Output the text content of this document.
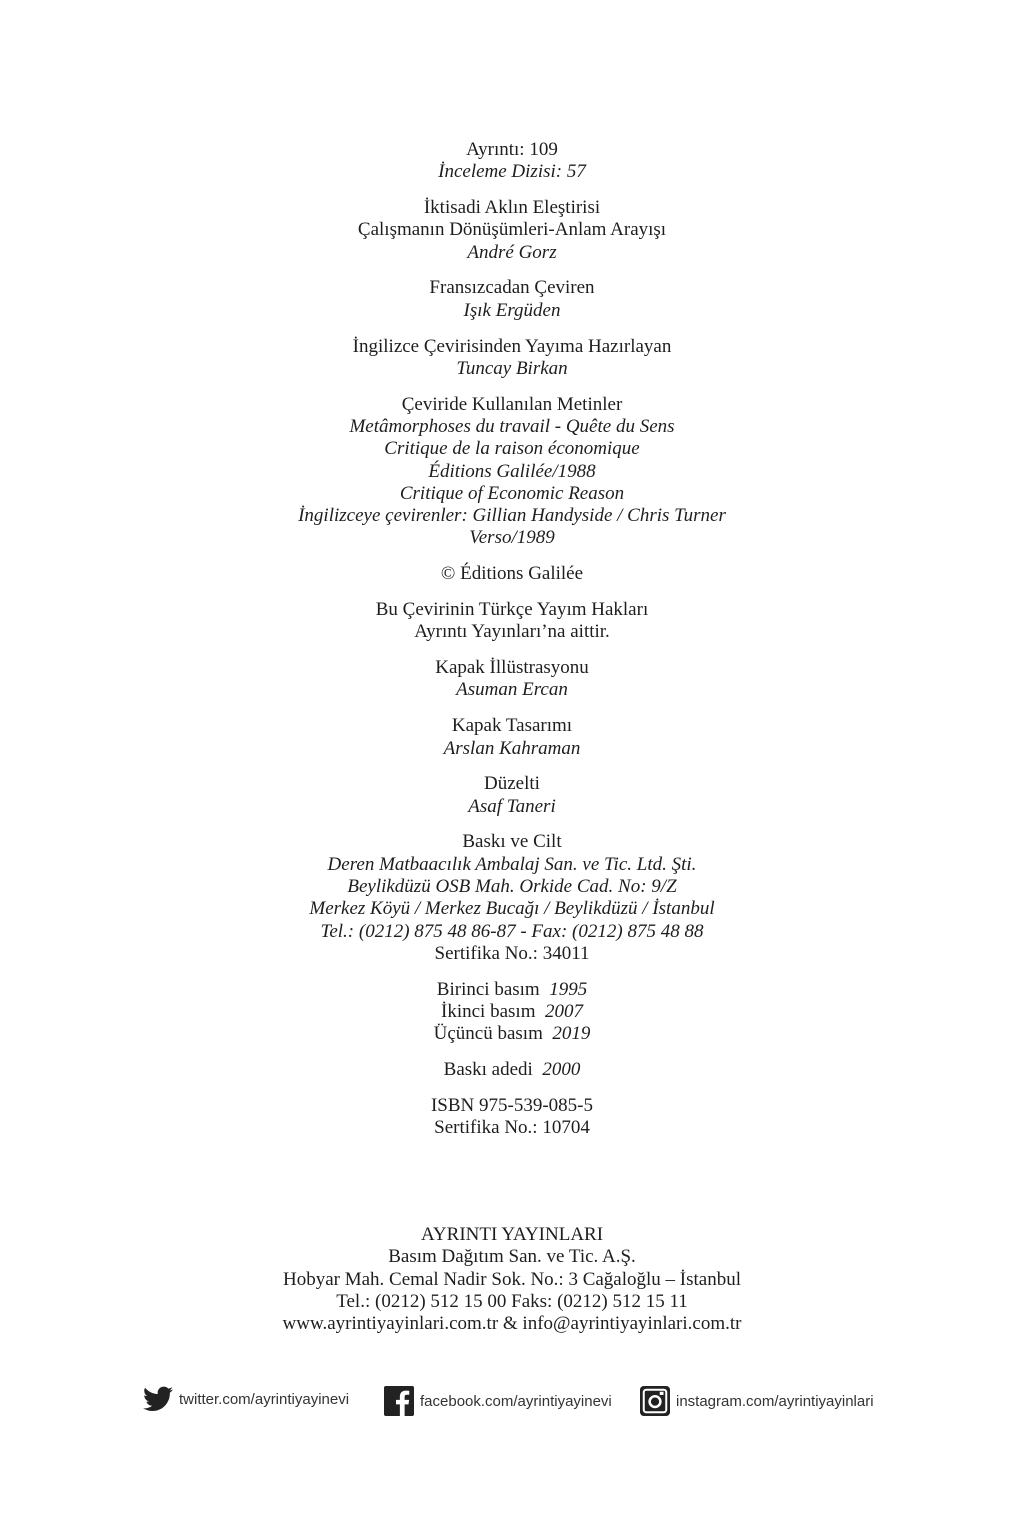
Ayrıntı: 109
İnceleme Dizisi: 57
İktisadi Aklın Eleştirisi
Çalışmanın Dönüşümleri-Anlam Arayışı
André Gorz
Fransızcadan Çeviren
Işık Ergüden
İngilizce Çevirisinden Yayıma Hazırlayan
Tuncay Birkan
Çeviride Kullanılan Metinler
Metâmorphoses du travail - Quête du Sens
Critique de la raison économique
Éditions Galilée/1988
Critique of Economic Reason
İngilizceye çevirenler: Gillian Handyside / Chris Turner
Verso/1989
© Éditions Galilée
Bu Çevirinin Türkçe Yayım Hakları
Ayrıntı Yayınları’na aittir.
Kapak İllüstrasyonu
Asuman Ercan
Kapak Tasarımı
Arslan Kahraman
Düzelti
Asaf Taneri
Baskı ve Cilt
Deren Matbaacılık Ambalaj San. ve Tic. Ltd. Şti.
Beylikdüzü OSB Mah. Orkide Cad. No: 9/Z
Merkez Köyü / Merkez Bucağı / Beylikdüzü / İstanbul
Tel.: (0212) 875 48 86-87 - Fax: (0212) 875 48 88
Sertifika No.: 34011
Birinci basım 1995
İkinci basım 2007
Üçüncü basım 2019
Baskı adedi 2000
ISBN 975-539-085-5
Sertifika No.: 10704
AYRINTI YAYINLARI
Basım Dağıtım San. ve Tic. A.Ş.
Hobyar Mah. Cemal Nadir Sok. No.: 3 Cağaloğlu – İstanbul
Tel.: (0212) 512 15 00 Faks: (0212) 512 15 11
www.ayrintiyayinlari.com.tr & info@ayrintiyayinlari.com.tr
twitter.com/ayrintiyayinevi	facebook.com/ayrintiyayinevi	instagram.com/ayrintiyayinlari
